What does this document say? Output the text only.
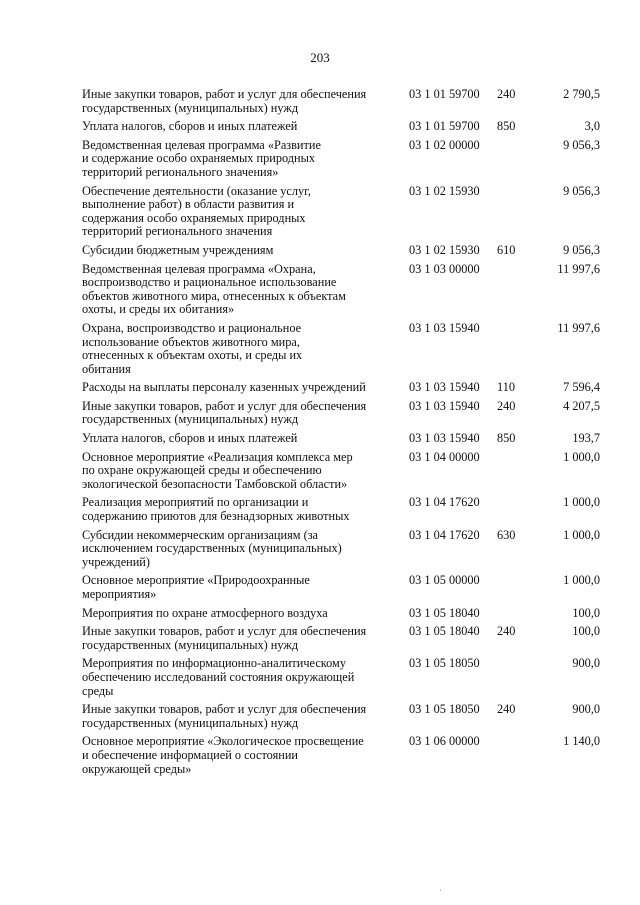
203
Иные закупки товаров, работ и услуг для обеспечения
государственных (муниципальных) нужд
03 1 01 59700 240	2 790,5
Уплата налогов, сборов и иных платежей	03 1 01 59700 850	3,0
Ведомственная целевая программа «Развитие
и содержание особо охраняемых природных
территорий регионального значения»
03 1 02 00000	9 056,3
Обеспечение деятельности (оказание услуг,
выполнение работ) в области развития и
содержания особо охраняемых природных
территорий регионального значения
03 1 02 15930	9 056,3
Субсидии бюджетным учреждениям	03 1 02 15930 610	9 056,3
Ведомственная целевая программа «Охрана,
воспроизводство и рациональное использование
объектов животного мира, отнесенных к объектам
охоты, и среды их обитания»
03 1 03 00000	11 997,6
Охрана, воспроизводство и рациональное
использование объектов животного мира,
отнесенных к объектам охоты, и среды их
обитания
03 1 03 15940	11 997,6
Расходы на выплаты персоналу казенных учреждений	03 1 03 15940 110	7 596,4
Иные закупки товаров, работ и услуг для обеспечения
государственных (муниципальных) нужд
03 1 03 15940 240	4 207,5
Уплата налогов, сборов и иных платежей	03 1 03 15940 850	193,7
Основное мероприятие «Реализация комплекса мер
по охране окружающей среды и обеспечению
экологической безопасности Тамбовской области»
03 1 04 00000	1 000,0
Реализация мероприятий по организации и
содержанию приютов для безнадзорных животных
03 1 04 17620	1 000,0
Субсидии некоммерческим организациям (за
исключением государственных (муниципальных)
учреждений)
03 1 04 17620 630	1 000,0
Основное мероприятие «Природоохранные
мероприятия»
03 1 05 00000	1 000,0
Мероприятия по охране атмосферного воздуха	03 1 05 18040	100,0
Иные закупки товаров, работ и услуг для обеспечения
государственных (муниципальных) нужд
03 1 05 18040 240	100,0
Мероприятия по информационно-аналитическому
обеспечению исследований состояния окружающей
среды
03 1 05 18050	900,0
Иные закупки товаров, работ и услуг для обеспечения
государственных (муниципальных) нужд
03 1 05 18050 240	900,0
Основное мероприятие «Экологическое просвещение
и обеспечение информацией о состоянии
окружающей среды»
03 1 06 00000	1 140,0
˙
